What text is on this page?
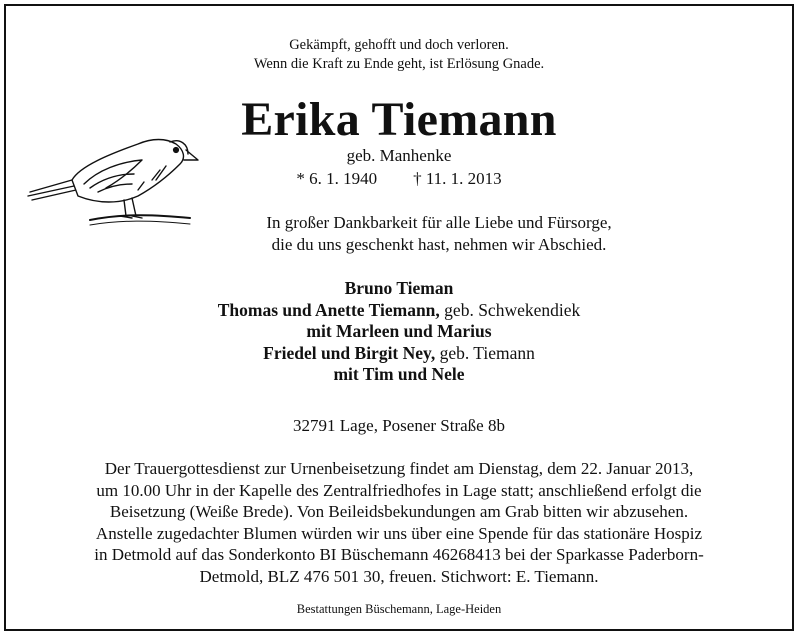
Gekämpft, gehofft und doch verloren.
Wenn die Kraft zu Ende geht, ist Erlösung Gnade.
Erika Tiemann
geb. Manhenke
* 6. 1. 1940 † 11. 1. 2013
In großer Dankbarkeit für alle Liebe und Fürsorge,
die du uns geschenkt hast, nehmen wir Abschied.
Bruno Tieman
Thomas und Anette Tiemann, geb. Schwekendiek
mit Marleen und Marius
Friedel und Birgit Ney, geb. Tiemann
mit Tim und Nele
32791 Lage, Posener Straße 8b
Der Trauergottesdienst zur Urnenbeisetzung findet am Dienstag, dem 22. Januar 2013,
um 10.00 Uhr in der Kapelle des Zentralfriedhofes in Lage statt; anschließend erfolgt die
Beisetzung (Weiße Brede). Von Beileidsbekundungen am Grab bitten wir abzusehen.
Anstelle zugedachter Blumen würden wir uns über eine Spende für das stationäre Hospiz
in Detmold auf das Sonderkonto BI Büschemann 46268413 bei der Sparkasse Paderborn-
Detmold, BLZ 476 501 30, freuen. Stichwort: E. Tiemann.
Bestattungen Büschemann, Lage-Heiden
